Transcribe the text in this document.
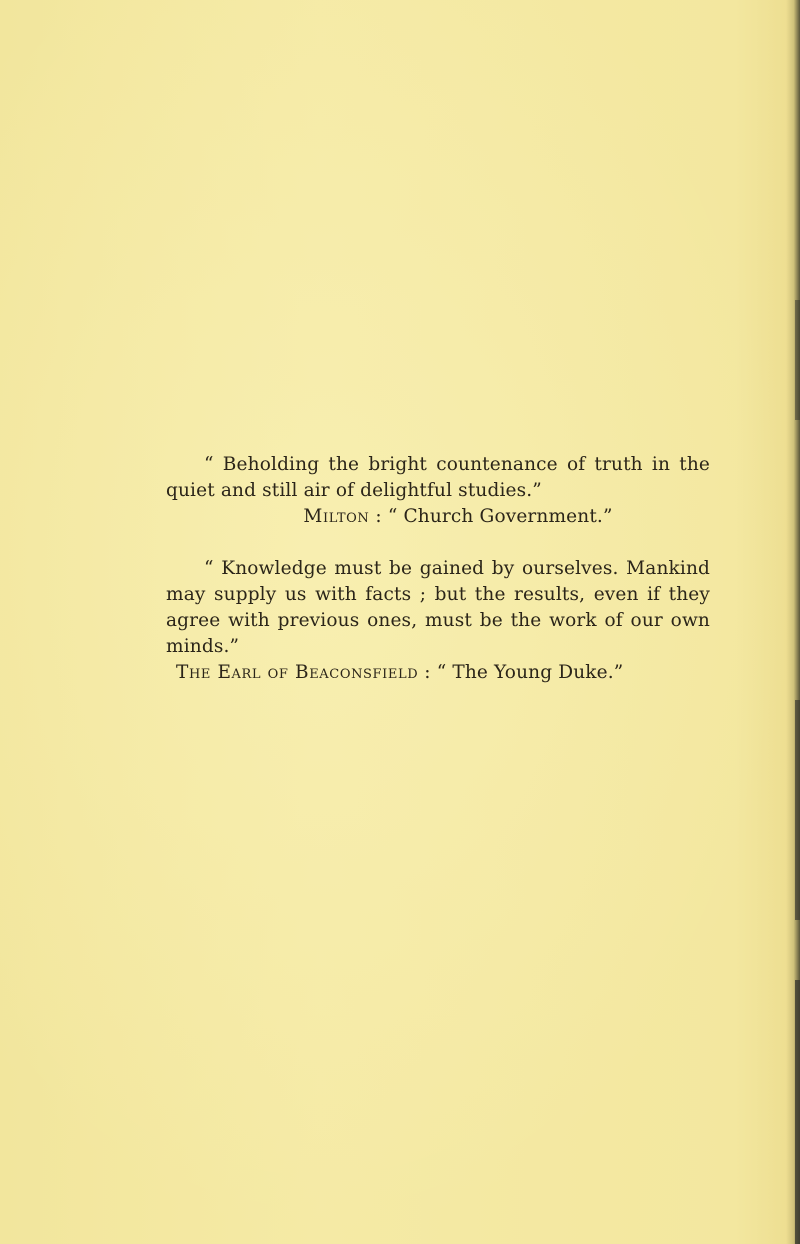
“ Beholding the bright countenance of truth in the quiet and still air of delightful studies.”

Milton : “ Church Government.”

“ Knowledge must be gained by ourselves. Mankind may supply us with facts ; but the results, even if they agree with previous ones, must be the work of our own minds.”

The Earl of Beaconsfield : “ The Young Duke.”
